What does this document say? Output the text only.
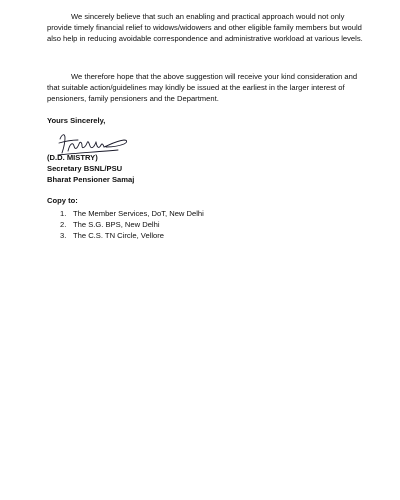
We sincerely believe that such an enabling and practical approach would not only provide timely financial relief to widows/widowers and other eligible family members but would also help in reducing avoidable correspondence and administrative workload at various levels.

We therefore hope that the above suggestion will receive your kind consideration and that suitable action/guidelines may kindly be issued at the earliest in the larger interest of pensioners, family pensioners and the Department.

Yours Sincerely,

(D.D. MISTRY)
Secretary BSNL/PSU
Bharat Pensioner Samaj

Copy to:

1. The Member Services, DoT, New Delhi
2. The S.G. BPS, New Delhi
3. The C.S. TN Circle, Vellore
